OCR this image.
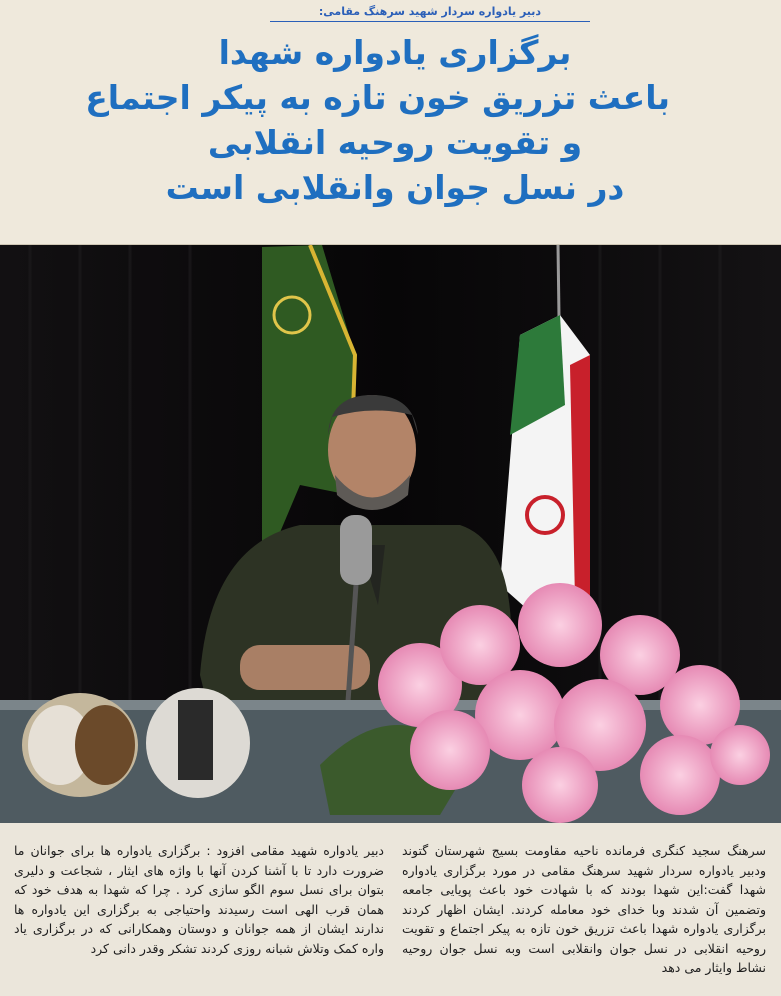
دبیر یادواره سردار شهید سرهنگ مقامی:
برگزاری یادواره شهدا
باعث تزریق خون تازه به پیکر اجتماع
و تقویت روحیه انقلابی
در نسل جوان وانقلابی است

سرهنگ سجید کنگری فرمانده ناحیه مقاومت بسیج شهرستان گتوند ودبیر یادواره سردار شهید سرهنگ مقامی در مورد برگزاری یادواره شهدا گفت:این شهدا بودند که با شهادت خود باعث پویایی جامعه وتضمین آن شدند وبا خدای خود معامله کردند. ایشان اظهار کردند برگزاری یادواره شهدا باعث تزریق خون تازه به پیکر اجتماع و تقویت روحیه انقلابی در نسل جوان وانقلابی است وبه نسل جوان روحیه نشاط وایثار می دهد

دبیر یادواره شهید مقامی افزود : برگزاری یادواره ها برای جوانان ما ضرورت دارد تا با آشنا کردن آنها با واژه های ایثار ، شجاعت و دلیری بتوان برای نسل سوم الگو سازی کرد . چرا که شهدا به هدف خود که همان قرب الهی است رسیدند واحتیاجی به برگزاری این یادواره ها ندارند ایشان از همه جوانان و دوستان وهمکارانی که در برگزاری یاد واره کمک وتلاش شبانه روزی کردند تشکر وقدر دانی کرد
